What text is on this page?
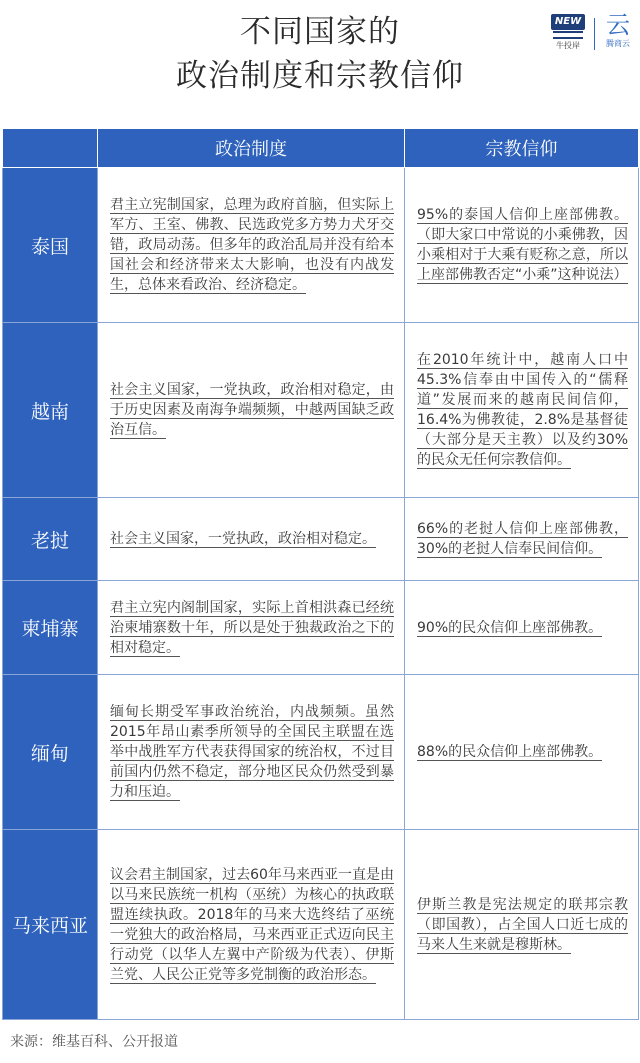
不同国家的
政治制度和宗教信仰
NEW
牛投岸
云
腾商云
	政治制度	宗教信仰
泰国	君主立宪制国家，总理为政府首脑，但实际上军方、王室、佛教、民选政党多方势力犬牙交错，政局动荡。但多年的政治乱局并没有给本国社会和经济带来太大影响，也没有内战发生，总体来看政治、经济稳定。	95%的泰国人信仰上座部佛教。（即大家口中常说的小乘佛教，因小乘相对于大乘有贬称之意，所以上座部佛教否定“小乘”这种说法）
越南	社会主义国家，一党执政，政治相对稳定，由于历史因素及南海争端频频，中越两国缺乏政治互信。	在2010年统计中，越南人口中45.3%信奉由中国传入的“儒释道”发展而来的越南民间信仰，16.4%为佛教徒，2.8%是基督徒（大部分是天主教）以及约30%的民众无任何宗教信仰。
老挝	社会主义国家，一党执政，政治相对稳定。	66%的老挝人信仰上座部佛教，30%的老挝人信奉民间信仰。
柬埔寨	君主立宪内阁制国家，实际上首相洪森已经统治柬埔寨数十年，所以是处于独裁政治之下的相对稳定。	90%的民众信仰上座部佛教。
缅甸	缅甸长期受军事政治统治，内战频频。虽然2015年昂山素季所领导的全国民主联盟在选举中战胜军方代表获得国家的统治权，不过目前国内仍然不稳定，部分地区民众仍然受到暴力和压迫。	88%的民众信仰上座部佛教。
马来西亚	议会君主制国家，过去60年马来西亚一直是由以马来民族统一机构（巫统）为核心的执政联盟连续执政。2018年的马来大选终结了巫统一党独大的政治格局，马来西亚正式迈向民主行动党（以华人左翼中产阶级为代表）、伊斯兰党、人民公正党等多党制衡的政治形态。	伊斯兰教是宪法规定的联邦宗教（即国教），占全国人口近七成的马来人生来就是穆斯林。
来源：维基百科、公开报道
